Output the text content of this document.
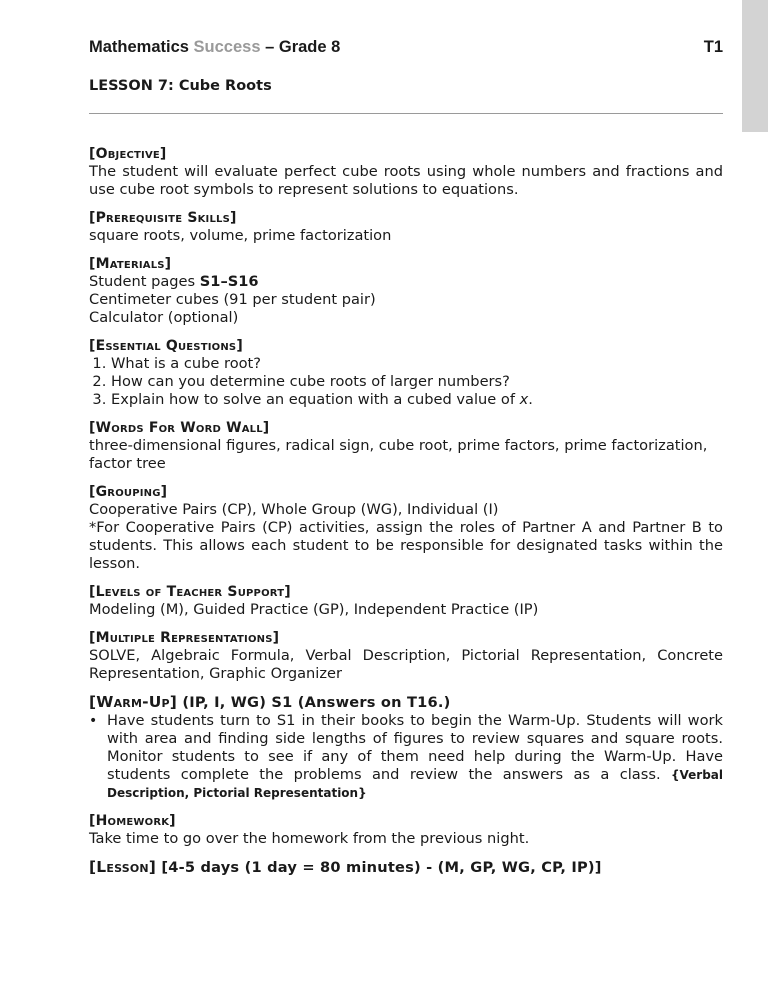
Mathematics Success – Grade 8	T1
LESSON 7: Cube Roots
[Objective]
The student will evaluate perfect cube roots using whole numbers and fractions and use cube root symbols to represent solutions to equations.
[Prerequisite Skills]
square roots, volume, prime factorization
[Materials]
Student pages S1–S16
Centimeter cubes (91 per student pair)
Calculator (optional)
[Essential Questions]
1. What is a cube root?
2. How can you determine cube roots of larger numbers?
3. Explain how to solve an equation with a cubed value of x.
[Words For Word Wall]
three-dimensional figures, radical sign, cube root, prime factors, prime factorization, factor tree
[Grouping]
Cooperative Pairs (CP), Whole Group (WG), Individual (I)
*For Cooperative Pairs (CP) activities, assign the roles of Partner A and Partner B to students. This allows each student to be responsible for designated tasks within the lesson.
[Levels of Teacher Support]
Modeling (M), Guided Practice (GP), Independent Practice (IP)
[Multiple Representations]
SOLVE, Algebraic Formula, Verbal Description, Pictorial Representation, Concrete Representation, Graphic Organizer
[Warm-Up] (IP, I, WG) S1 (Answers on T16.)
• Have students turn to S1 in their books to begin the Warm-Up. Students will work with area and finding side lengths of figures to review squares and square roots. Monitor students to see if any of them need help during the Warm-Up. Have students complete the problems and review the answers as a class. {Verbal Description, Pictorial Representation}
[Homework]
Take time to go over the homework from the previous night.
[Lesson] [4-5 days (1 day = 80 minutes) - (M, GP, WG, CP, IP)]
